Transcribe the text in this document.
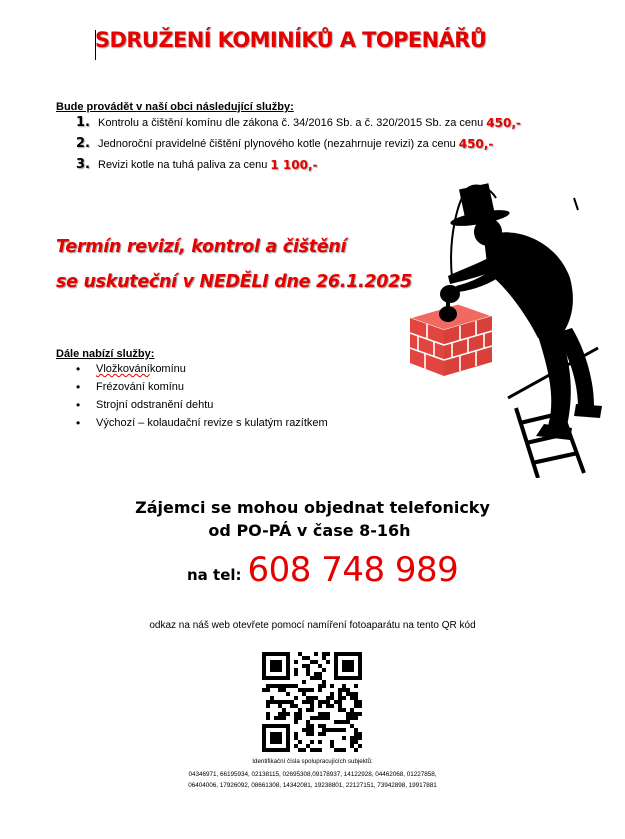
SDRUŽENÍ KOMINÍKŮ A TOPENÁŘŮ
Bude provádět v naší obci následující služby:
1. Kontrolu a čištění komínu dle zákona č. 34/2016 Sb. a č. 320/2015 Sb. za cenu 450,-
2. Jednoroční pravidelné čištění plynového kotle (nezahrnuje revizi) za cenu 450,-
3. Revizi kotle na tuhá paliva za cenu 1 100,-
Termín revizí, kontrol a čištění
se uskuteční v NEDĚLI dne 26.1.2025
Dále nabízí služby:
•	Vložkování komínu
•	Frézování komínu
•	Strojní odstranění dehtu
•	Výchozí – kolaudační revize s kulatým razítkem
Zájemci se mohou objednat telefonicky
od PO-PÁ v čase 8-16h
na tel: 608 748 989
odkaz na náš web otevřete pomocí namíření fotoaparátu na tento QR kód
Identifikační čísla spolupracujících subjektů:
04346971, 66195934, 02138115, 02695308,09178937, 14122928, 04462068, 01227858,
06404006, 17926092, 08661308, 14342081, 19238801, 22127151, 73942898, 19917881
